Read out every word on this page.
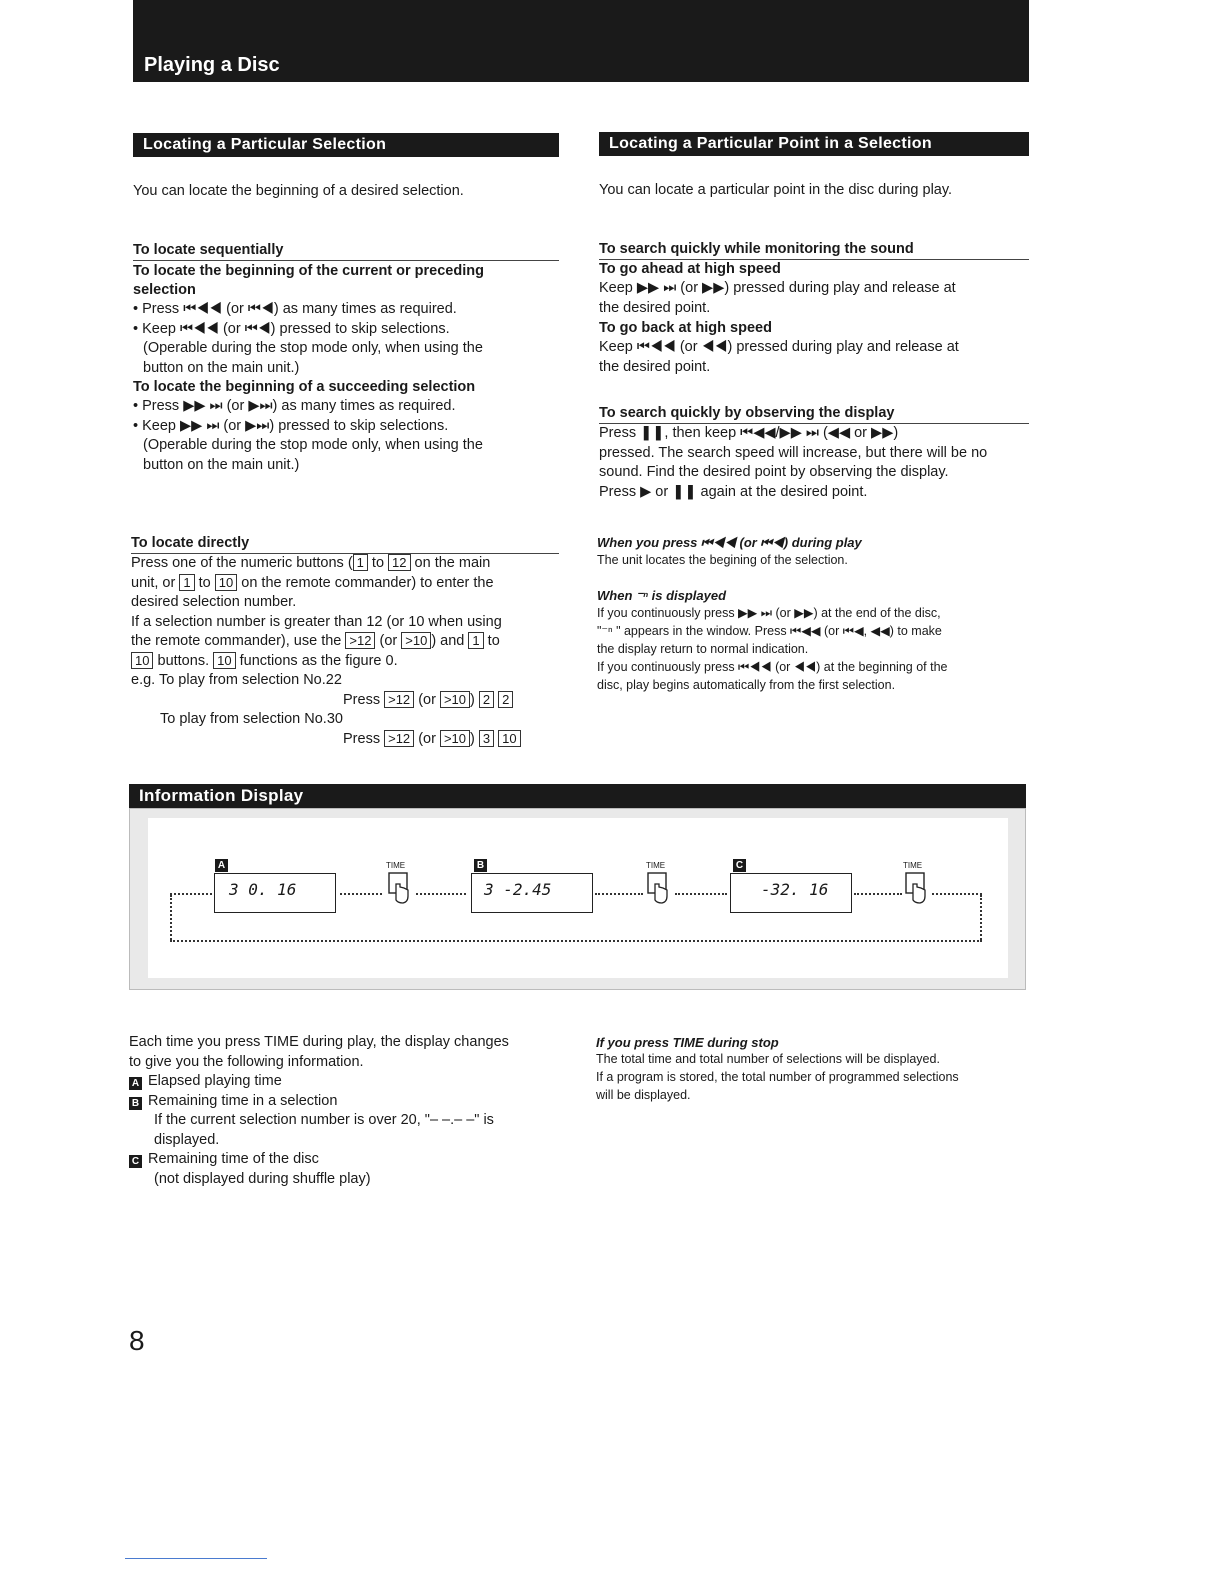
Playing a Disc
Locating a Particular Selection
You can locate the beginning of a desired selection.
To locate sequentially
To locate the beginning of the current or preceding
selection
• Press ⏮◀◀ (or ⏮◀) as many times as required.
• Keep ⏮◀◀ (or ⏮◀) pressed to skip selections.
(Operable during the stop mode only, when using the
button on the main unit.)
To locate the beginning of a succeeding selection
• Press ▶▶ ⏭ (or ▶⏭) as many times as required.
• Keep ▶▶ ⏭ (or ▶⏭) pressed to skip selections.
(Operable during the stop mode only, when using the
button on the main unit.)
To locate directly
Press one of the numeric buttons ( 1 to 12 on the main
unit, or 1 to 10 on the remote commander) to enter the
desired selection number.
If a selection number is greater than 12 (or 10 when using
the remote commander), use the >12 (or >10 ) and 1 to
10 buttons. 10 functions as the figure 0.
e.g. To play from selection No.22
Press >12 (or >10 ) 2 2
To play from selection No.30
Press >12 (or >10 ) 3 10
Locating a Particular Point in a Selection
You can locate a particular point in the disc during play.
To search quickly while monitoring the sound
To go ahead at high speed
Keep ▶▶ ⏭ (or ▶▶) pressed during play and release at
the desired point.
To go back at high speed
Keep ⏮◀◀ (or ◀◀) pressed during play and release at
the desired point.
To search quickly by observing the display
Press ❚❚, then keep ⏮◀◀/▶▶ ⏭ (◀◀ or ▶▶)
pressed. The search speed will increase, but there will be no
sound. Find the desired point by observing the display.
Press ▶ or ❚❚ again at the desired point.
When you press ⏮◀◀ (or ⏮◀) during play
The unit locates the begining of the selection.
When ⁻ⁿ is displayed
If you continuously press ▶▶ ⏭ (or ▶▶) at the end of the disc,
"⁻ⁿ " appears in the window. Press ⏮◀◀ (or ⏮◀, ◀◀) to make
the display return to normal indication.
If you continuously press ⏮◀◀ (or ◀◀) at the beginning of the
disc, play begins automatically from the first selection.
Information Display
A
3 0. 16
TIME	B
3 -2.45
TIME	C
-32. 16
TIME
Each time you press TIME during play, the display changes
to give you the following information.
A Elapsed playing time
B Remaining time in a selection
If the current selection number is over 20, "– –.– –" is
displayed.
C Remaining time of the disc
(not displayed during shuffle play)
If you press TIME during stop
The total time and total number of selections will be displayed.
If a program is stored, the total number of programmed selections
will be displayed.
8
